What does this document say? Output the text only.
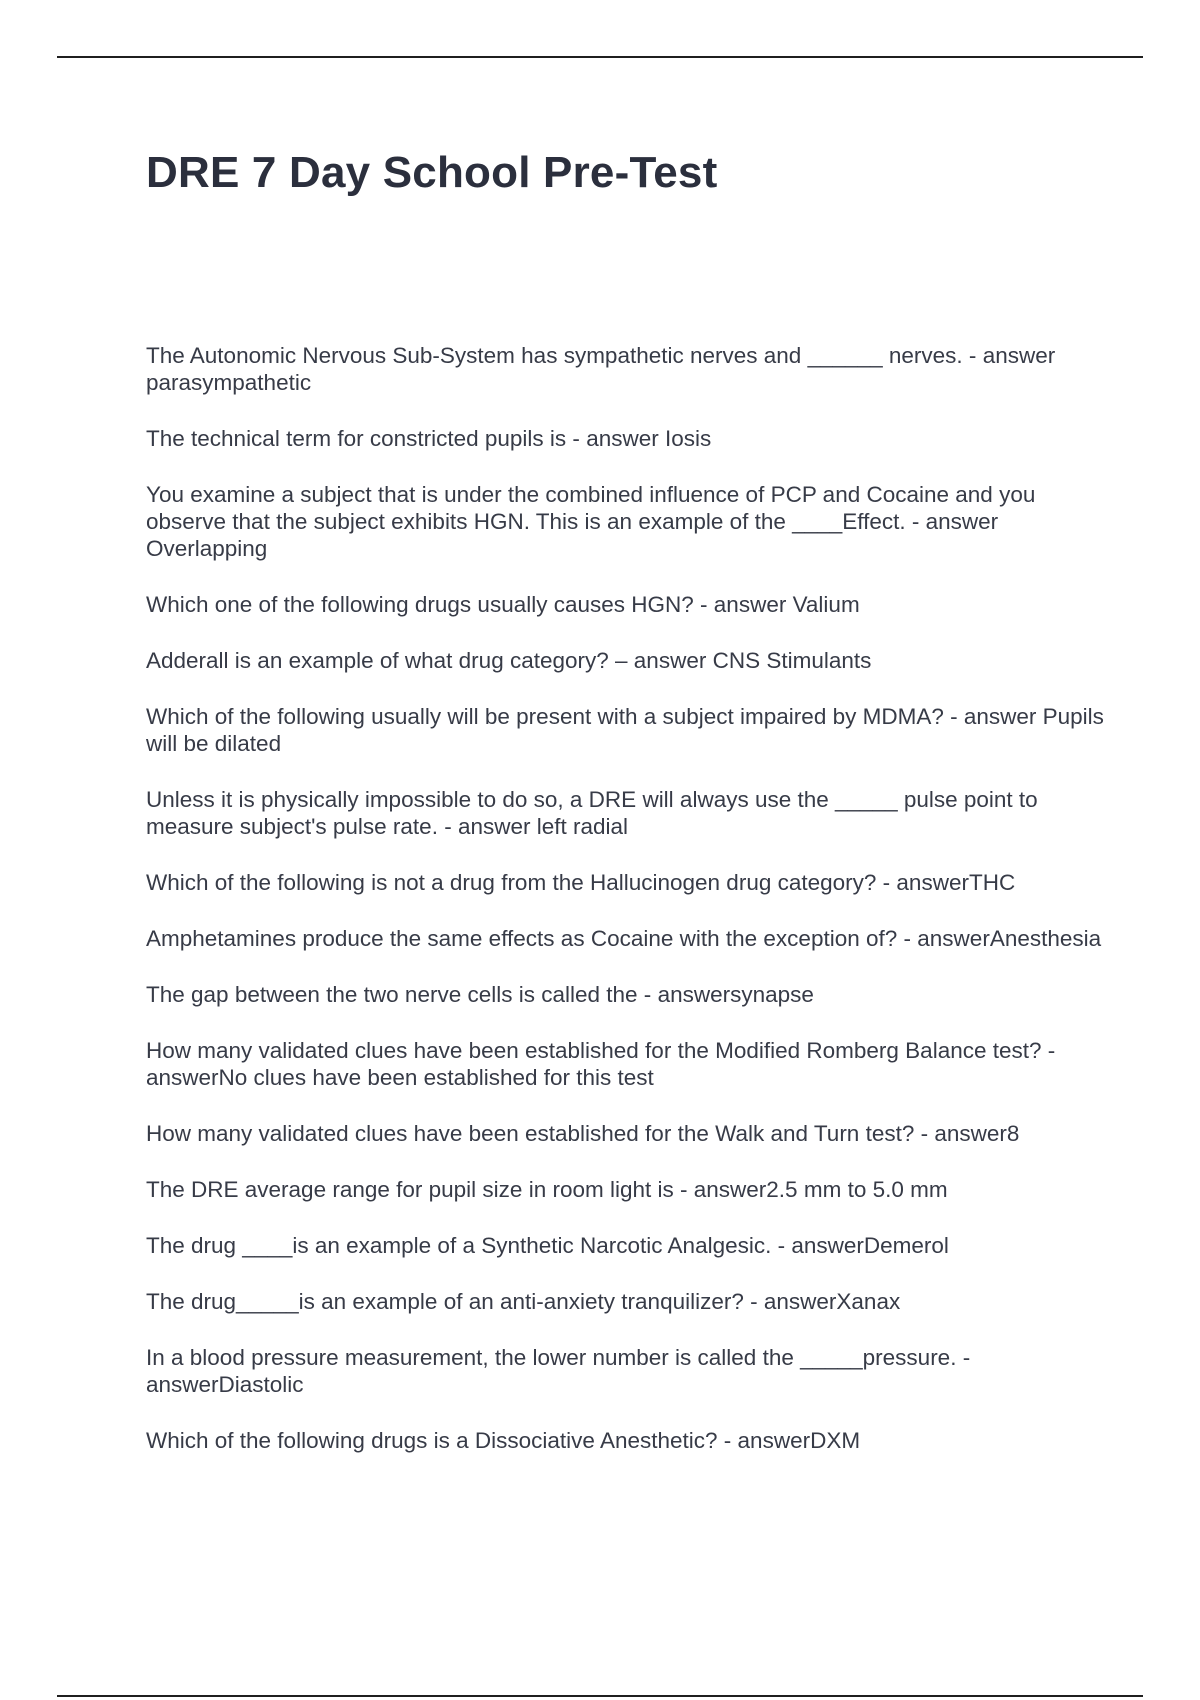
DRE 7 Day School Pre-Test

The Autonomic Nervous Sub-System has sympathetic nerves and ______ nerves. - answer parasympathetic

The technical term for constricted pupils is - answer Iosis

You examine a subject that is under the combined influence of PCP and Cocaine and you observe that the subject exhibits HGN. This is an example of the ____Effect. - answer Overlapping

Which one of the following drugs usually causes HGN? - answer Valium

Adderall is an example of what drug category? – answer CNS Stimulants

Which of the following usually will be present with a subject impaired by MDMA? - answer Pupils will be dilated

Unless it is physically impossible to do so, a DRE will always use the _____ pulse point to measure subject's pulse rate. - answer left radial

Which of the following is not a drug from the Hallucinogen drug category? - answerTHC

Amphetamines produce the same effects as Cocaine with the exception of? - answerAnesthesia

The gap between the two nerve cells is called the - answersynapse

How many validated clues have been established for the Modified Romberg Balance test? - answerNo clues have been established for this test

How many validated clues have been established for the Walk and Turn test? - answer8

The DRE average range for pupil size in room light is - answer2.5 mm to 5.0 mm

The drug ____is an example of a Synthetic Narcotic Analgesic. - answerDemerol

The drug_____is an example of an anti-anxiety tranquilizer? - answerXanax

In a blood pressure measurement, the lower number is called the _____pressure. - answerDiastolic

Which of the following drugs is a Dissociative Anesthetic? - answerDXM
